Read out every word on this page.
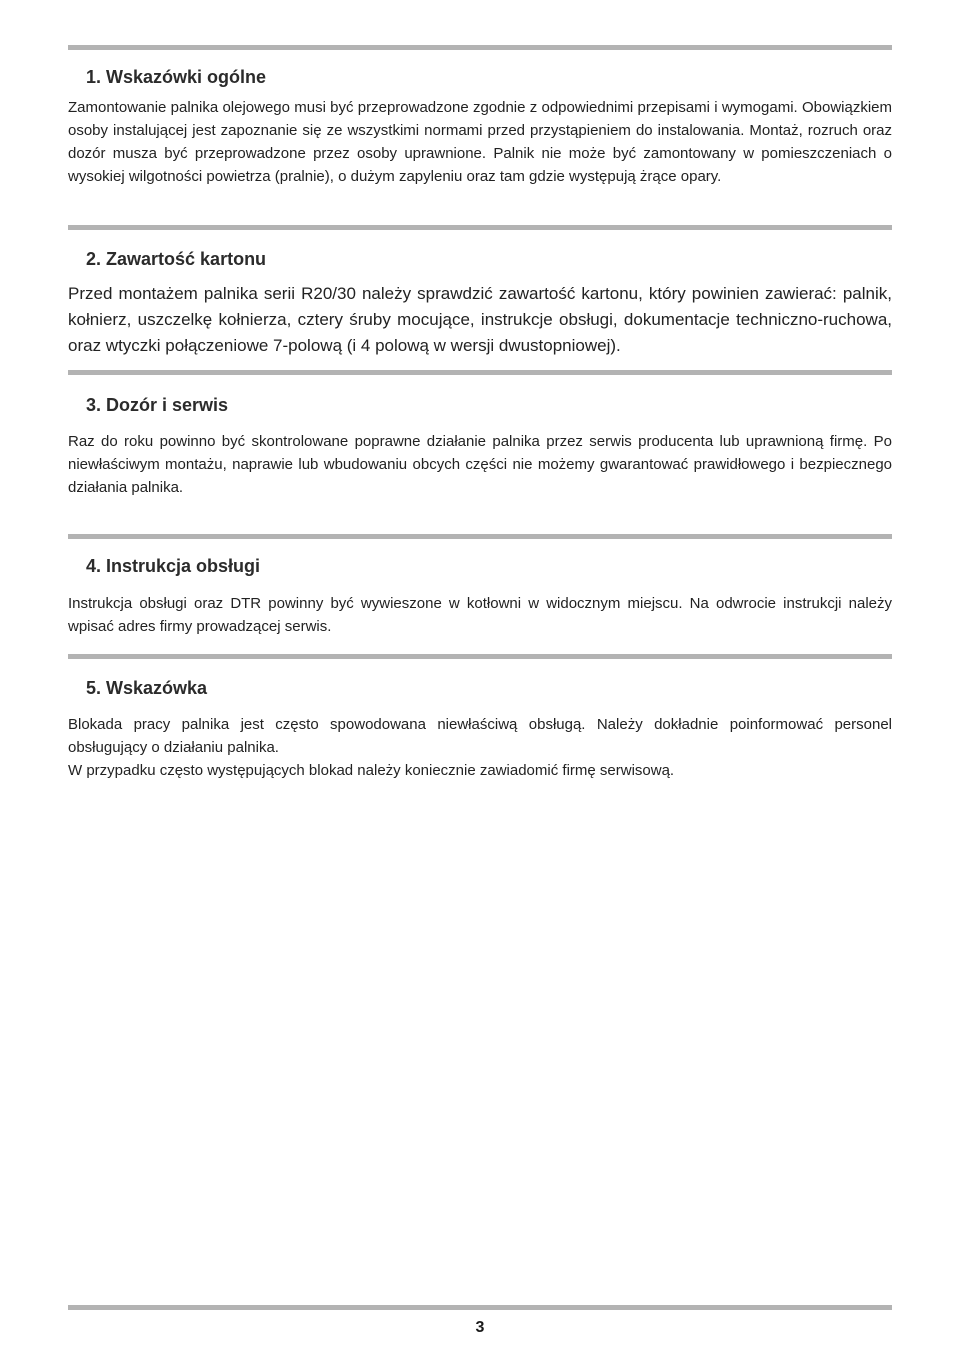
1. Wskazówki ogólne

Zamontowanie palnika olejowego musi być przeprowadzone zgodnie z odpowiednimi przepisami i wymogami. Obowiązkiem osoby instalującej jest zapoznanie się ze wszystkimi normami przed przystąpieniem do instalowania. Montaż, rozruch oraz dozór musza być przeprowadzone przez osoby uprawnione. Palnik nie może być zamontowany w pomieszczeniach o wysokiej wilgotności powietrza (pralnie), o dużym zapyleniu oraz tam gdzie występują żrące opary.

2. Zawartość kartonu

Przed montażem palnika serii R20/30 należy sprawdzić zawartość kartonu, który powinien zawierać: palnik, kołnierz, uszczelkę kołnierza, cztery śruby mocujące, instrukcje obsługi, dokumentacje techniczno-ruchowa, oraz wtyczki połączeniowe 7-polową (i 4 polową w wersji dwustopniowej).

3. Dozór i serwis

Raz do roku powinno być skontrolowane poprawne działanie palnika przez serwis producenta lub uprawnioną firmę. Po niewłaściwym montażu, naprawie lub wbudowaniu obcych części nie możemy gwarantować prawidłowego i bezpiecznego działania palnika.

4. Instrukcja obsługi

Instrukcja obsługi oraz DTR powinny być wywieszone w kotłowni w widocznym miejscu. Na odwrocie instrukcji należy wpisać adres firmy prowadzącej serwis.

5. Wskazówka

Blokada pracy palnika jest często spowodowana niewłaściwą obsługą. Należy dokładnie poinformować personel obsługujący o działaniu palnika.
W przypadku często występujących blokad należy koniecznie zawiadomić firmę serwisową.

3
